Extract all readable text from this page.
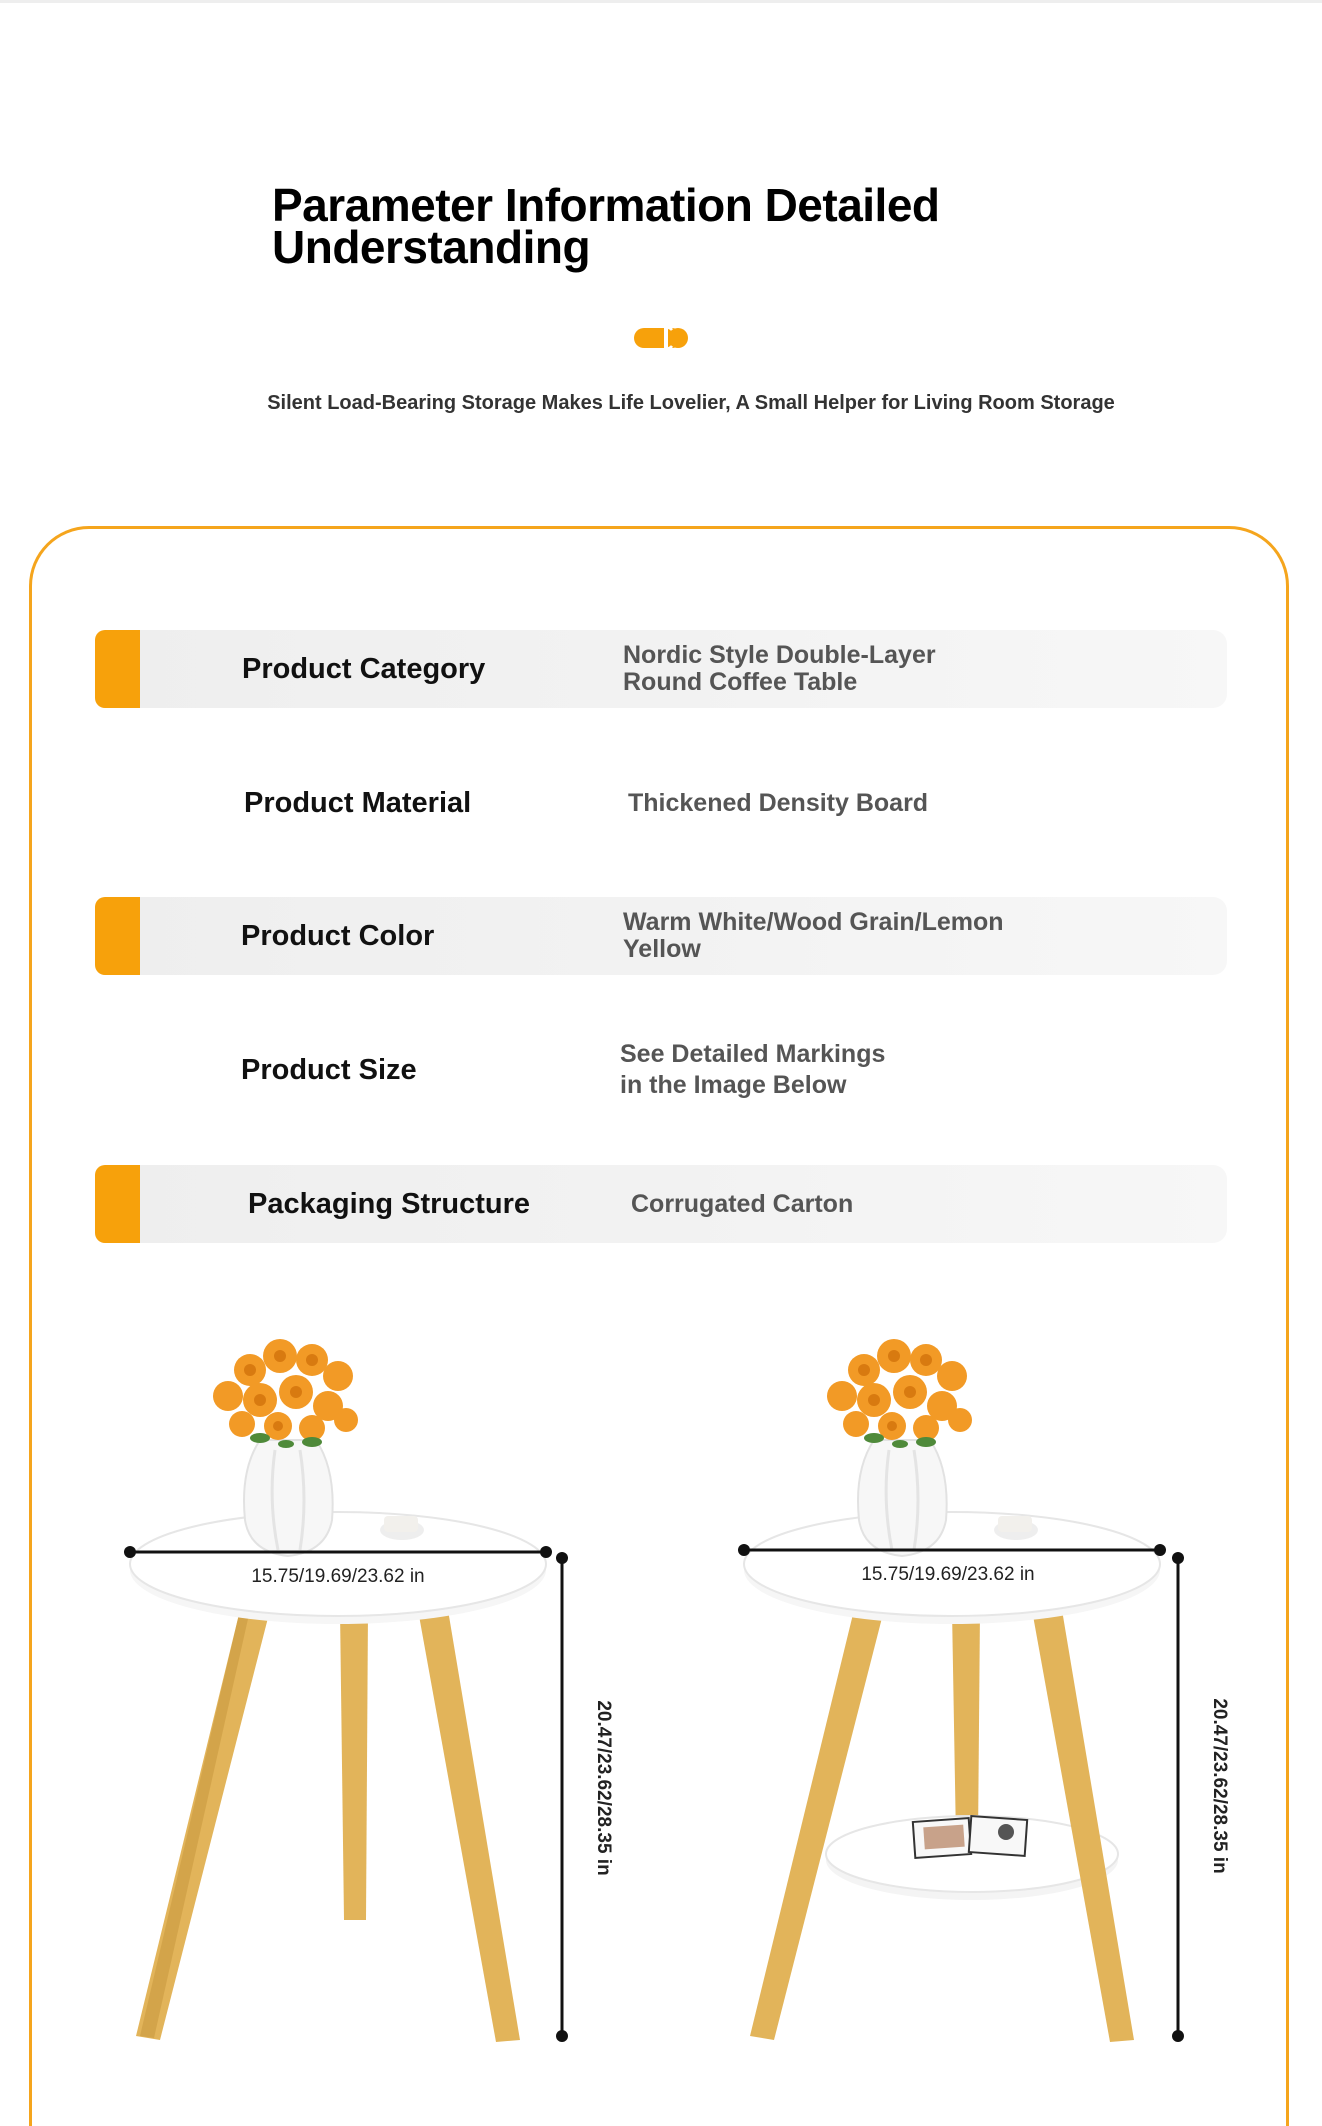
Parameter Information Detailed Understanding
Silent Load-Bearing Storage Makes Life Lovelier, A Small Helper for Living Room Storage
Product Category	Nordic Style Double-Layer Round Coffee Table
Product Material	Thickened Density Board
Product Color	Warm White/Wood Grain/Lemon Yellow
Product Size	See Detailed Markings in the Image Below
Packaging Structure	Corrugated Carton
15.75/19.69/23.62 in
20.47/23.62/28.35 in
15.75/19.69/23.62 in
20.47/23.62/28.35 in
